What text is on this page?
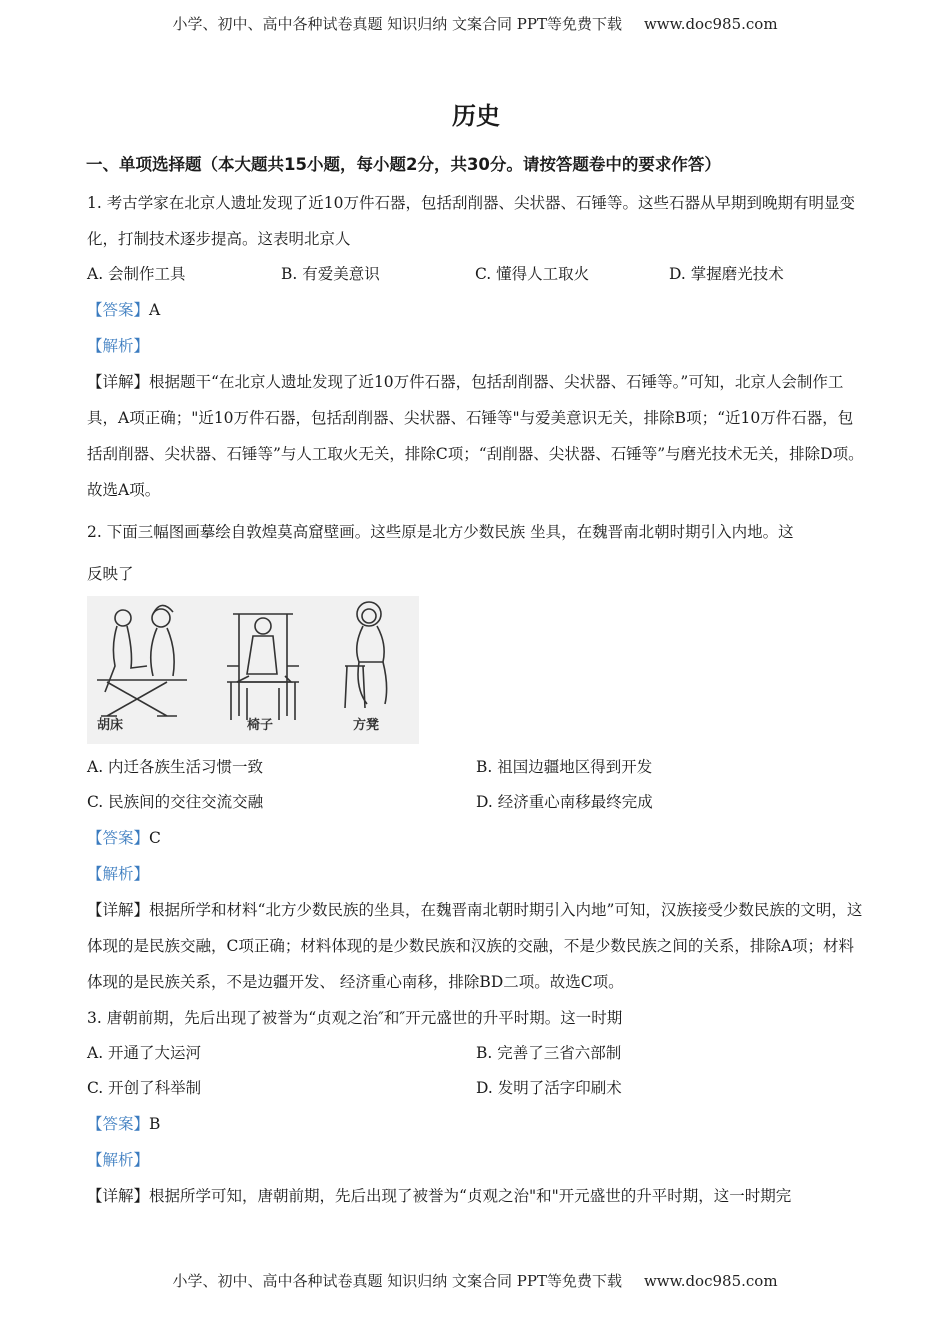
小学、初中、高中各种试卷真题 知识归纳 文案合同 PPT等免费下载 www.doc985.com
历史
一、单项选择题（本大题共15小题，每小题2分，共30分。请按答题卷中的要求作答）

1. 考古学家在北京人遗址发现了近10万件石器，包括刮削器、尖状器、石锤等。这些石器从早期到晚期有明显变化，打制技术逐步提高。这表明北京人

A. 会制作工具	B. 有爱美意识	C. 懂得人工取火	D. 掌握磨光技术

【答案】A

【解析】

【详解】根据题干“在北京人遗址发现了近10万件石器，包括刮削器、尖状器、石锤等。”可知，北京人会制作工具，A项正确；"近10万件石器，包括刮削器、尖状器、石锤等"与爱美意识无关，排除B项；“近10万件石器，包括刮削器、尖状器、石锤等”与人工取火无关，排除C项；“刮削器、尖状器、石锤等”与磨光技术无关，排除D项。故选A项。

2. 下面三幅图画摹绘自敦煌莫高窟壁画。这些原是北方少数民族 坐具，在魏晋南北朝时期引入内地。这

反映了

胡床	椅子	方凳
A. 内迁各族生活习惯一致	B. 祖国边疆地区得到开发
C. 民族间的交往交流交融	D. 经济重心南移最终完成

【答案】C

【解析】

【详解】根据所学和材料“北方少数民族的坐具，在魏晋南北朝时期引入内地”可知，汉族接受少数民族的文明，这体现的是民族交融，C项正确；材料体现的是少数民族和汉族的交融，不是少数民族之间的关系，排除A项；材料体现的是民族关系，不是边疆开发、 经济重心南移，排除BD二项。故选C项。

3. 唐朝前期，先后出现了被誉为“贞观之治″和″开元盛世的升平时期。这一时期

A. 开通了大运河	B. 完善了三省六部制
C. 开创了科举制	D. 发明了活字印刷术

【答案】B

【解析】

【详解】根据所学可知，唐朝前期，先后出现了被誉为“贞观之治"和"开元盛世的升平时期，这一时期完

小学、初中、高中各种试卷真题 知识归纳 文案合同 PPT等免费下载 www.doc985.com
